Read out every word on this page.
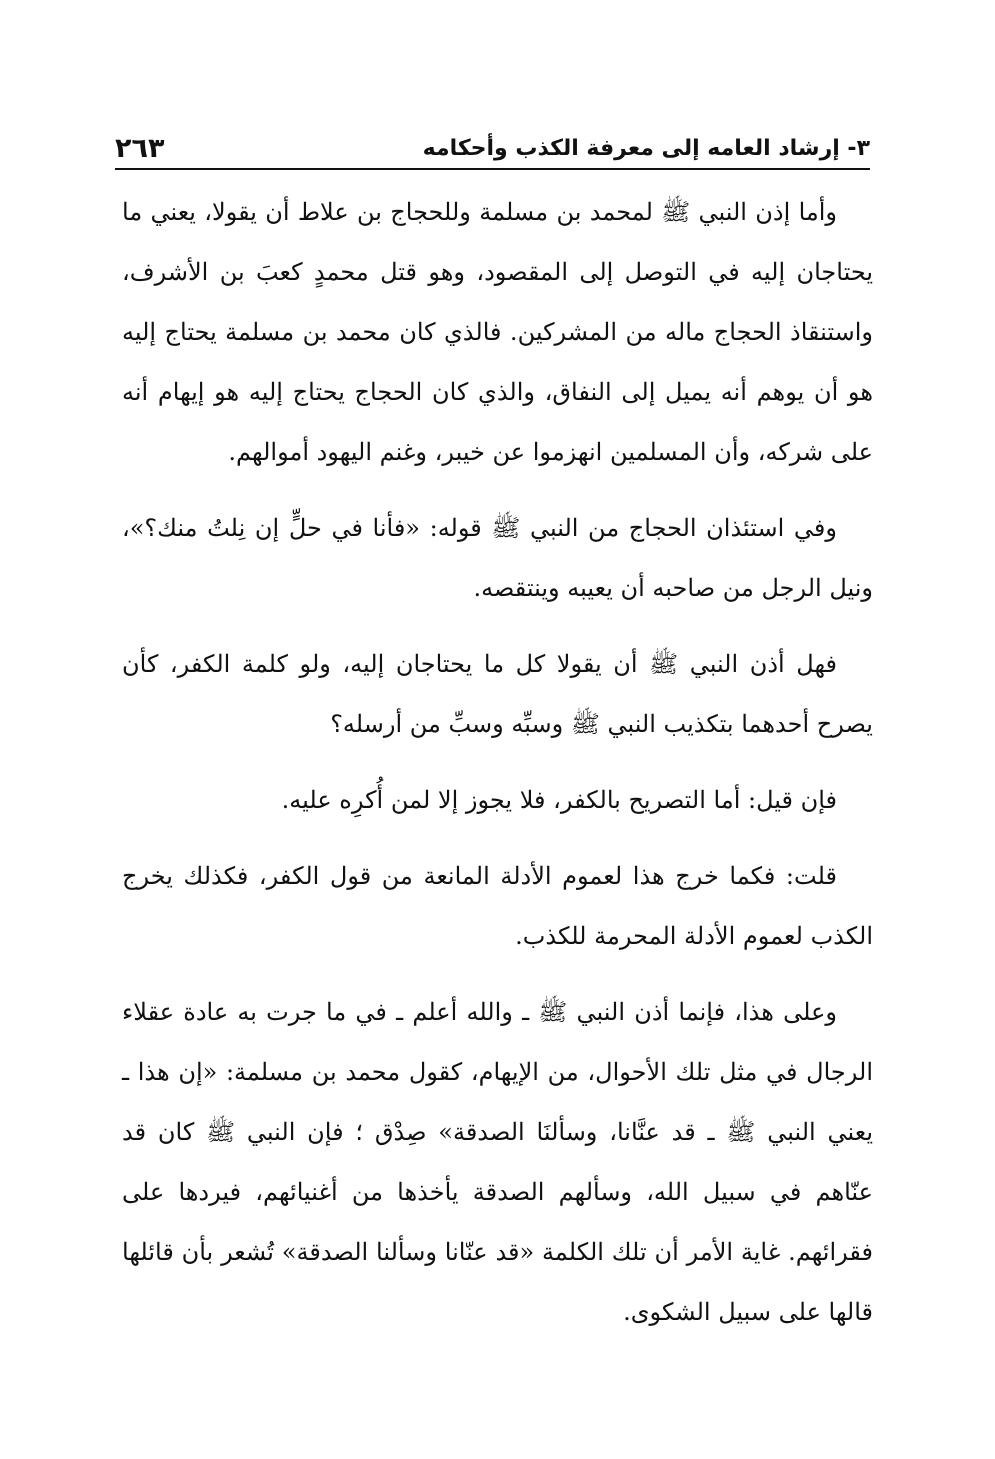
٣- إرشاد العامه إلى معرفة الكذب وأحكامه
٢٦٣

وأما إذن النبي ﷺ لمحمد بن مسلمة وللحجاج بن علاط أن يقولا، يعني ما يحتاجان إليه في التوصل إلى المقصود، وهو قتل محمدٍ كعبَ بن الأشرف، واستنقاذ الحجاج ماله من المشركين. فالذي كان محمد بن مسلمة يحتاج إليه هو أن يوهم أنه يميل إلى النفاق، والذي كان الحجاج يحتاج إليه هو إيهام أنه على شركه، وأن المسلمين انهزموا عن خيبر، وغنم اليهود أموالهم.

وفي استئذان الحجاج من النبي ﷺ قوله: «فأنا في حلٍّ إن نِلتُ منك؟»، ونيل الرجل من صاحبه أن يعيبه وينتقصه.

فهل أذن النبي ﷺ أن يقولا كل ما يحتاجان إليه، ولو كلمة الكفر، كأن يصرح أحدهما بتكذيب النبي ﷺ وسبِّه وسبِّ من أرسله؟

فإن قيل: أما التصريح بالكفر، فلا يجوز إلا لمن أُكرِه عليه.

قلت: فكما خرج هذا لعموم الأدلة المانعة من قول الكفر، فكذلك يخرج الكذب لعموم الأدلة المحرمة للكذب.

وعلى هذا، فإنما أذن النبي ﷺ ـ والله أعلم ـ في ما جرت به عادة عقلاء الرجال في مثل تلك الأحوال، من الإيهام، كقول محمد بن مسلمة: «إن هذا ـ يعني النبي ﷺ ـ قد عنَّانا، وسألنَا الصدقة» صِدْق ؛ فإن النبي ﷺ كان قد عنّاهم في سبيل الله، وسألهم الصدقة يأخذها من أغنيائهم، فيردها على فقرائهم. غاية الأمر أن تلك الكلمة «قد عنّانا وسألنا الصدقة» تُشعر بأن قائلها قالها على سبيل الشكوى.
